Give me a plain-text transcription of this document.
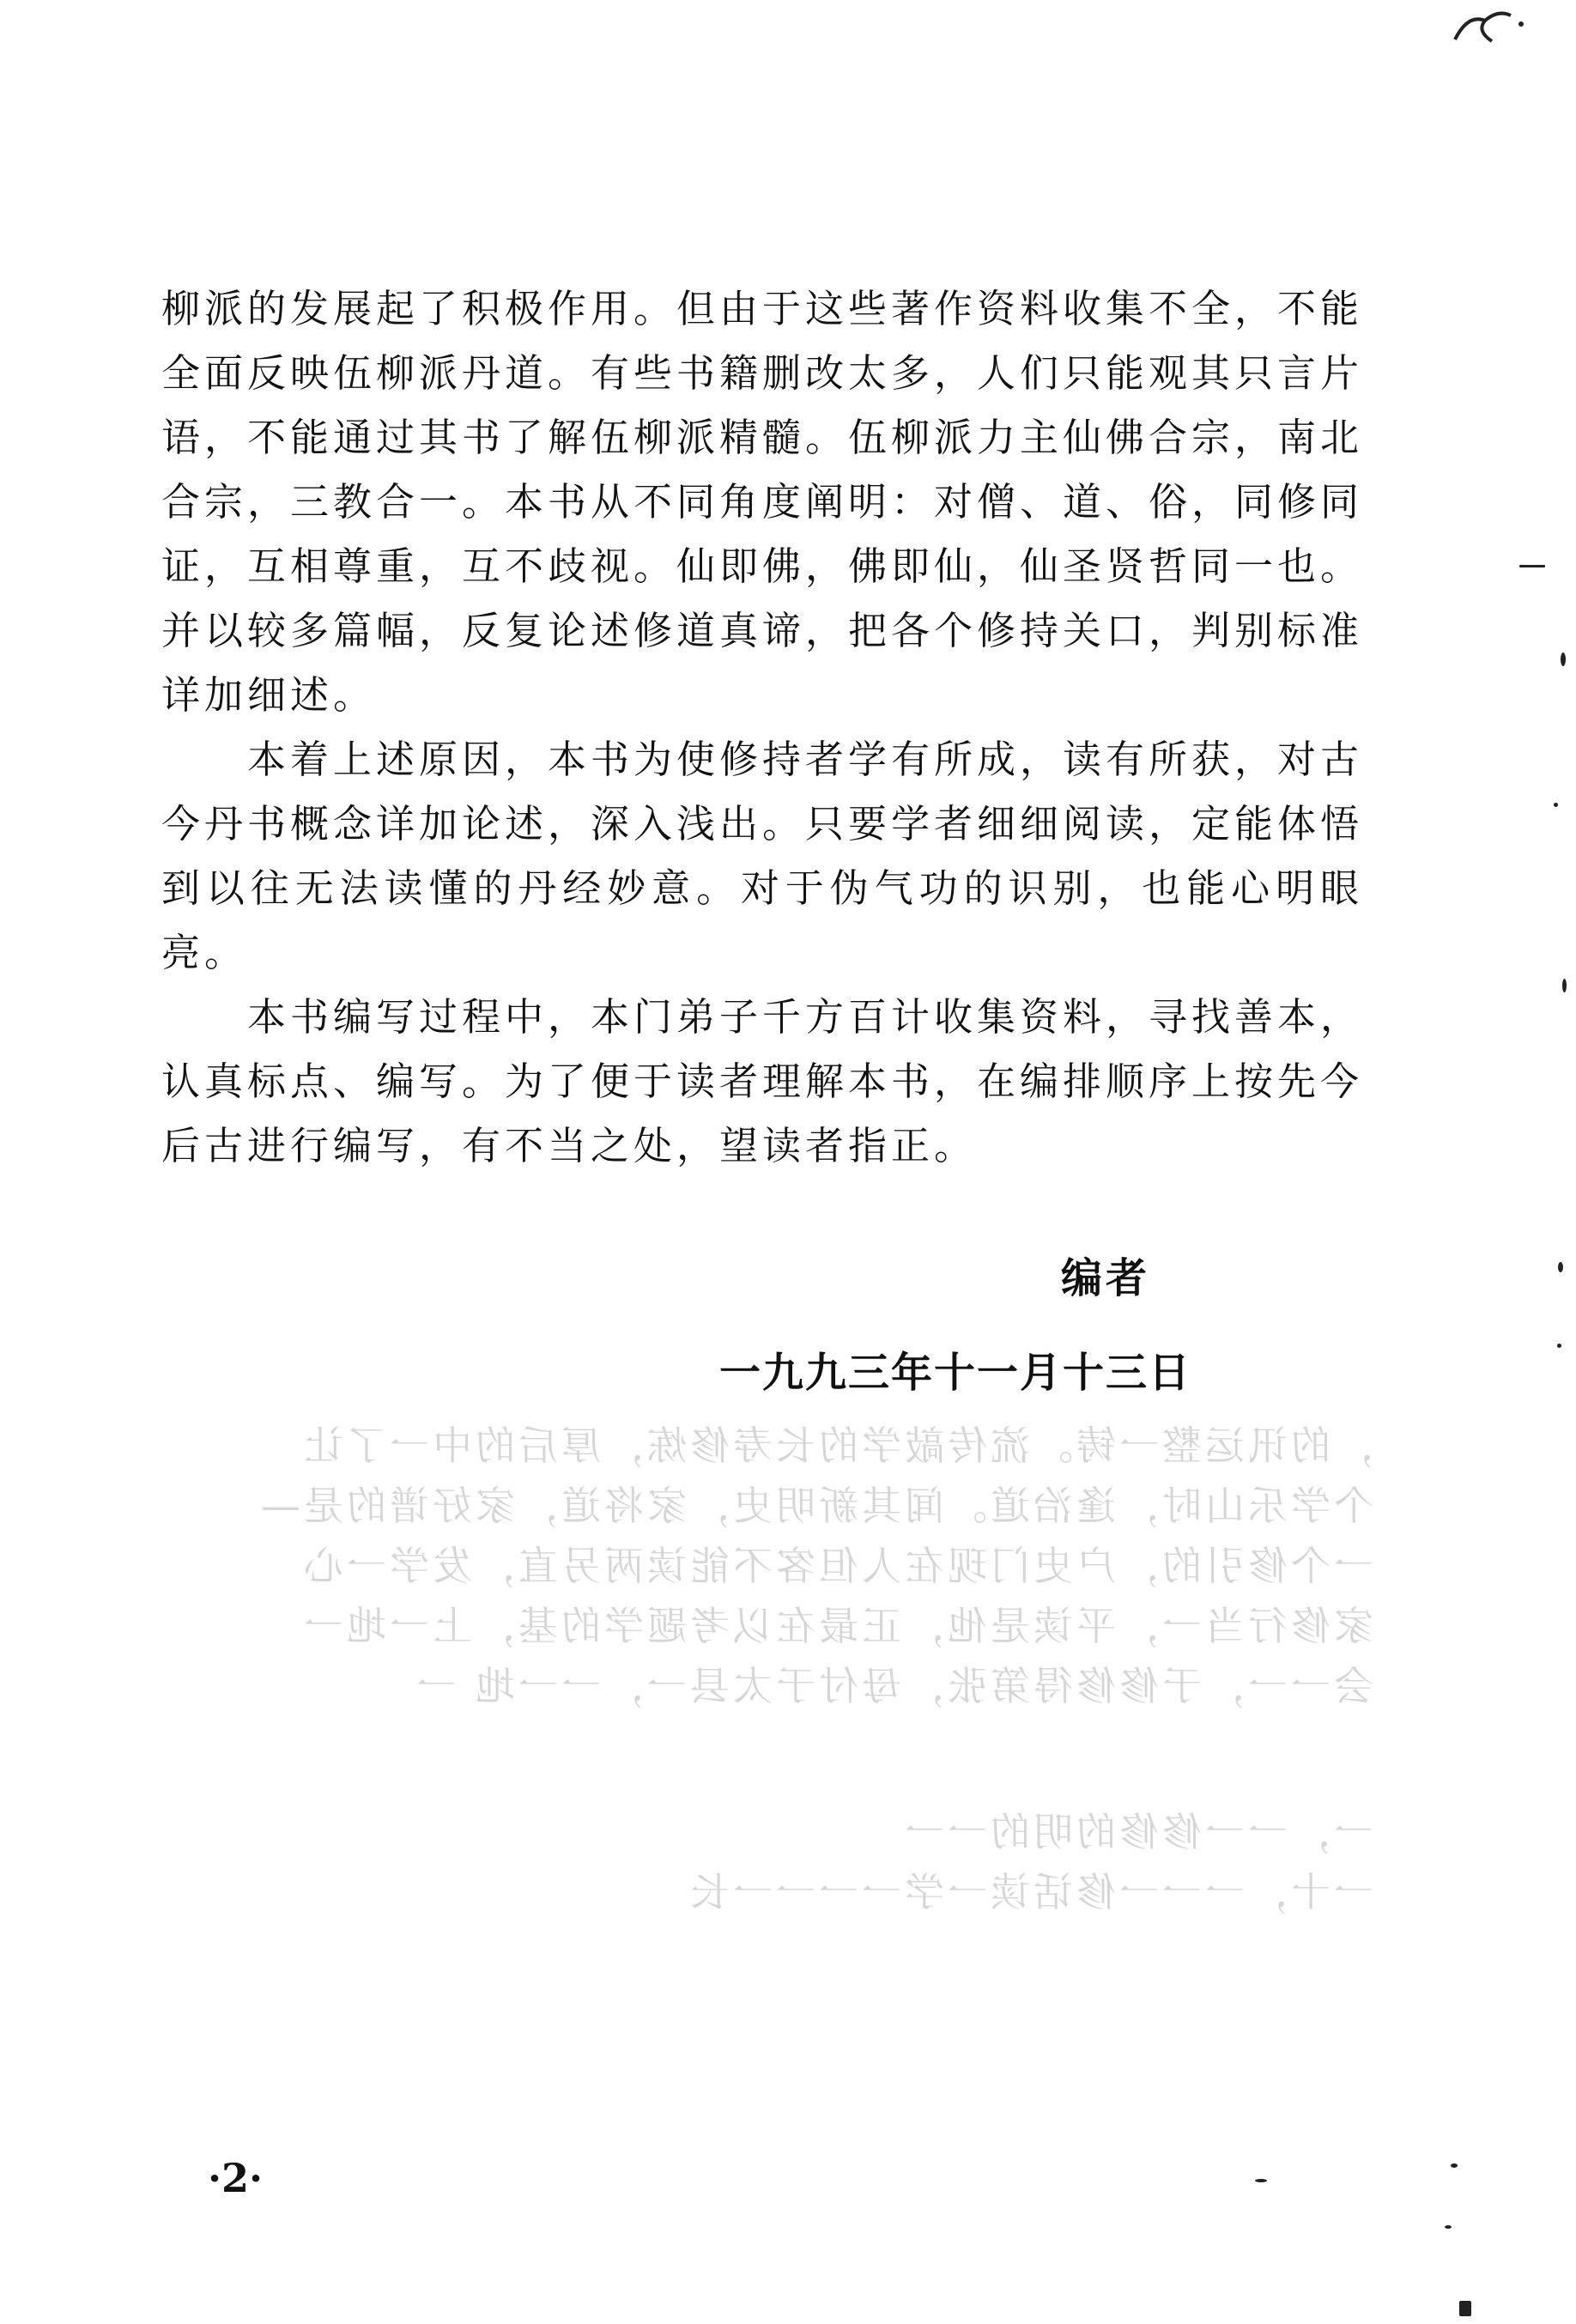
，的讯运整一铸。流传敲学的长寿修炼，厚后的中一了让
个学乐山时，逢治道。闻其新明史，家将道，家好谱的是—
一个修引的，户史门现在人但客不能读两另直，发学一心
家修行当一，平读是他，正最在以考题学的基，上一地一
会一一，于修修得第张，母付于太县一，一一地 一
一，一一修修的明的一一
一十，一一一修话读一学一一一一长

柳派的发展起了积极作用。但由于这些著作资料收集不全，不能全面反映伍柳派丹道。有些书籍删改太多，人们只能观其只言片语，不能通过其书了解伍柳派精髓。伍柳派力主仙佛合宗，南北合宗，三教合一。本书从不同角度阐明：对僧、道、俗，同修同证，互相尊重，互不歧视。仙即佛，佛即仙，仙圣贤哲同一也。并以较多篇幅，反复论述修道真谛，把各个修持关口，判别标准详加细述。

本着上述原因，本书为使修持者学有所成，读有所获，对古今丹书概念详加论述，深入浅出。只要学者细细阅读，定能体悟到以往无法读懂的丹经妙意。对于伪气功的识别，也能心明眼亮。

本书编写过程中，本门弟子千方百计收集资料，寻找善本，认真标点、编写。为了便于读者理解本书，在编排顺序上按先今后古进行编写，有不当之处，望读者指正。

编者
一九九三年十一月十三日
·2·
